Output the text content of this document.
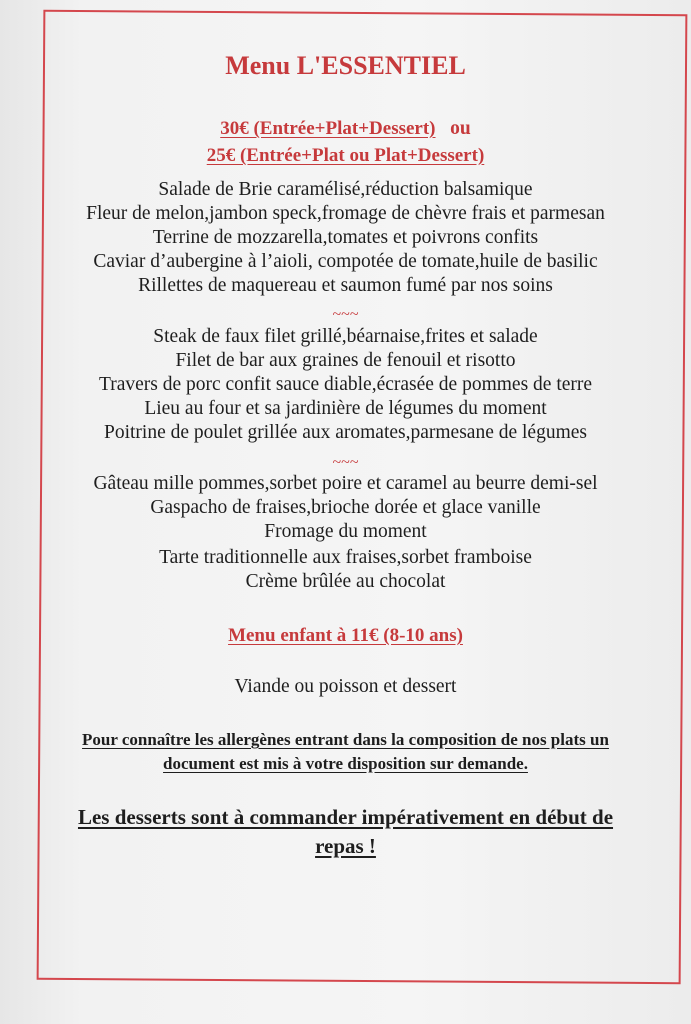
Menu L'ESSENTIEL
30€ (Entrée+Plat+Dessert) ou
25€ (Entrée+Plat ou Plat+Dessert)
Salade de Brie caramélisé,réduction balsamique
Fleur de melon,jambon speck,fromage de chèvre frais et parmesan
Terrine de mozzarella,tomates et poivrons confits
Caviar d’aubergine à l’aioli, compotée de tomate,huile de basilic
Rillettes de maquereau et saumon fumé par nos soins
~~~
Steak de faux filet grillé,béarnaise,frites et salade
Filet de bar aux graines de fenouil et risotto
Travers de porc confit sauce diable,écrasée de pommes de terre
Lieu au four et sa jardinière de légumes du moment
Poitrine de poulet grillée aux aromates,parmesane de légumes
~~~
Gâteau mille pommes,sorbet poire et caramel au beurre demi-sel
Gaspacho de fraises,brioche dorée et glace vanille
Fromage du moment
Tarte traditionnelle aux fraises,sorbet framboise
Crème brûlée au chocolat
Menu enfant à 11€ (8-10 ans)
Viande ou poisson et dessert
Pour connaître les allergènes entrant dans la composition de nos plats un
document est mis à votre disposition sur demande.
Les desserts sont à commander impérativement en début de
repas !
